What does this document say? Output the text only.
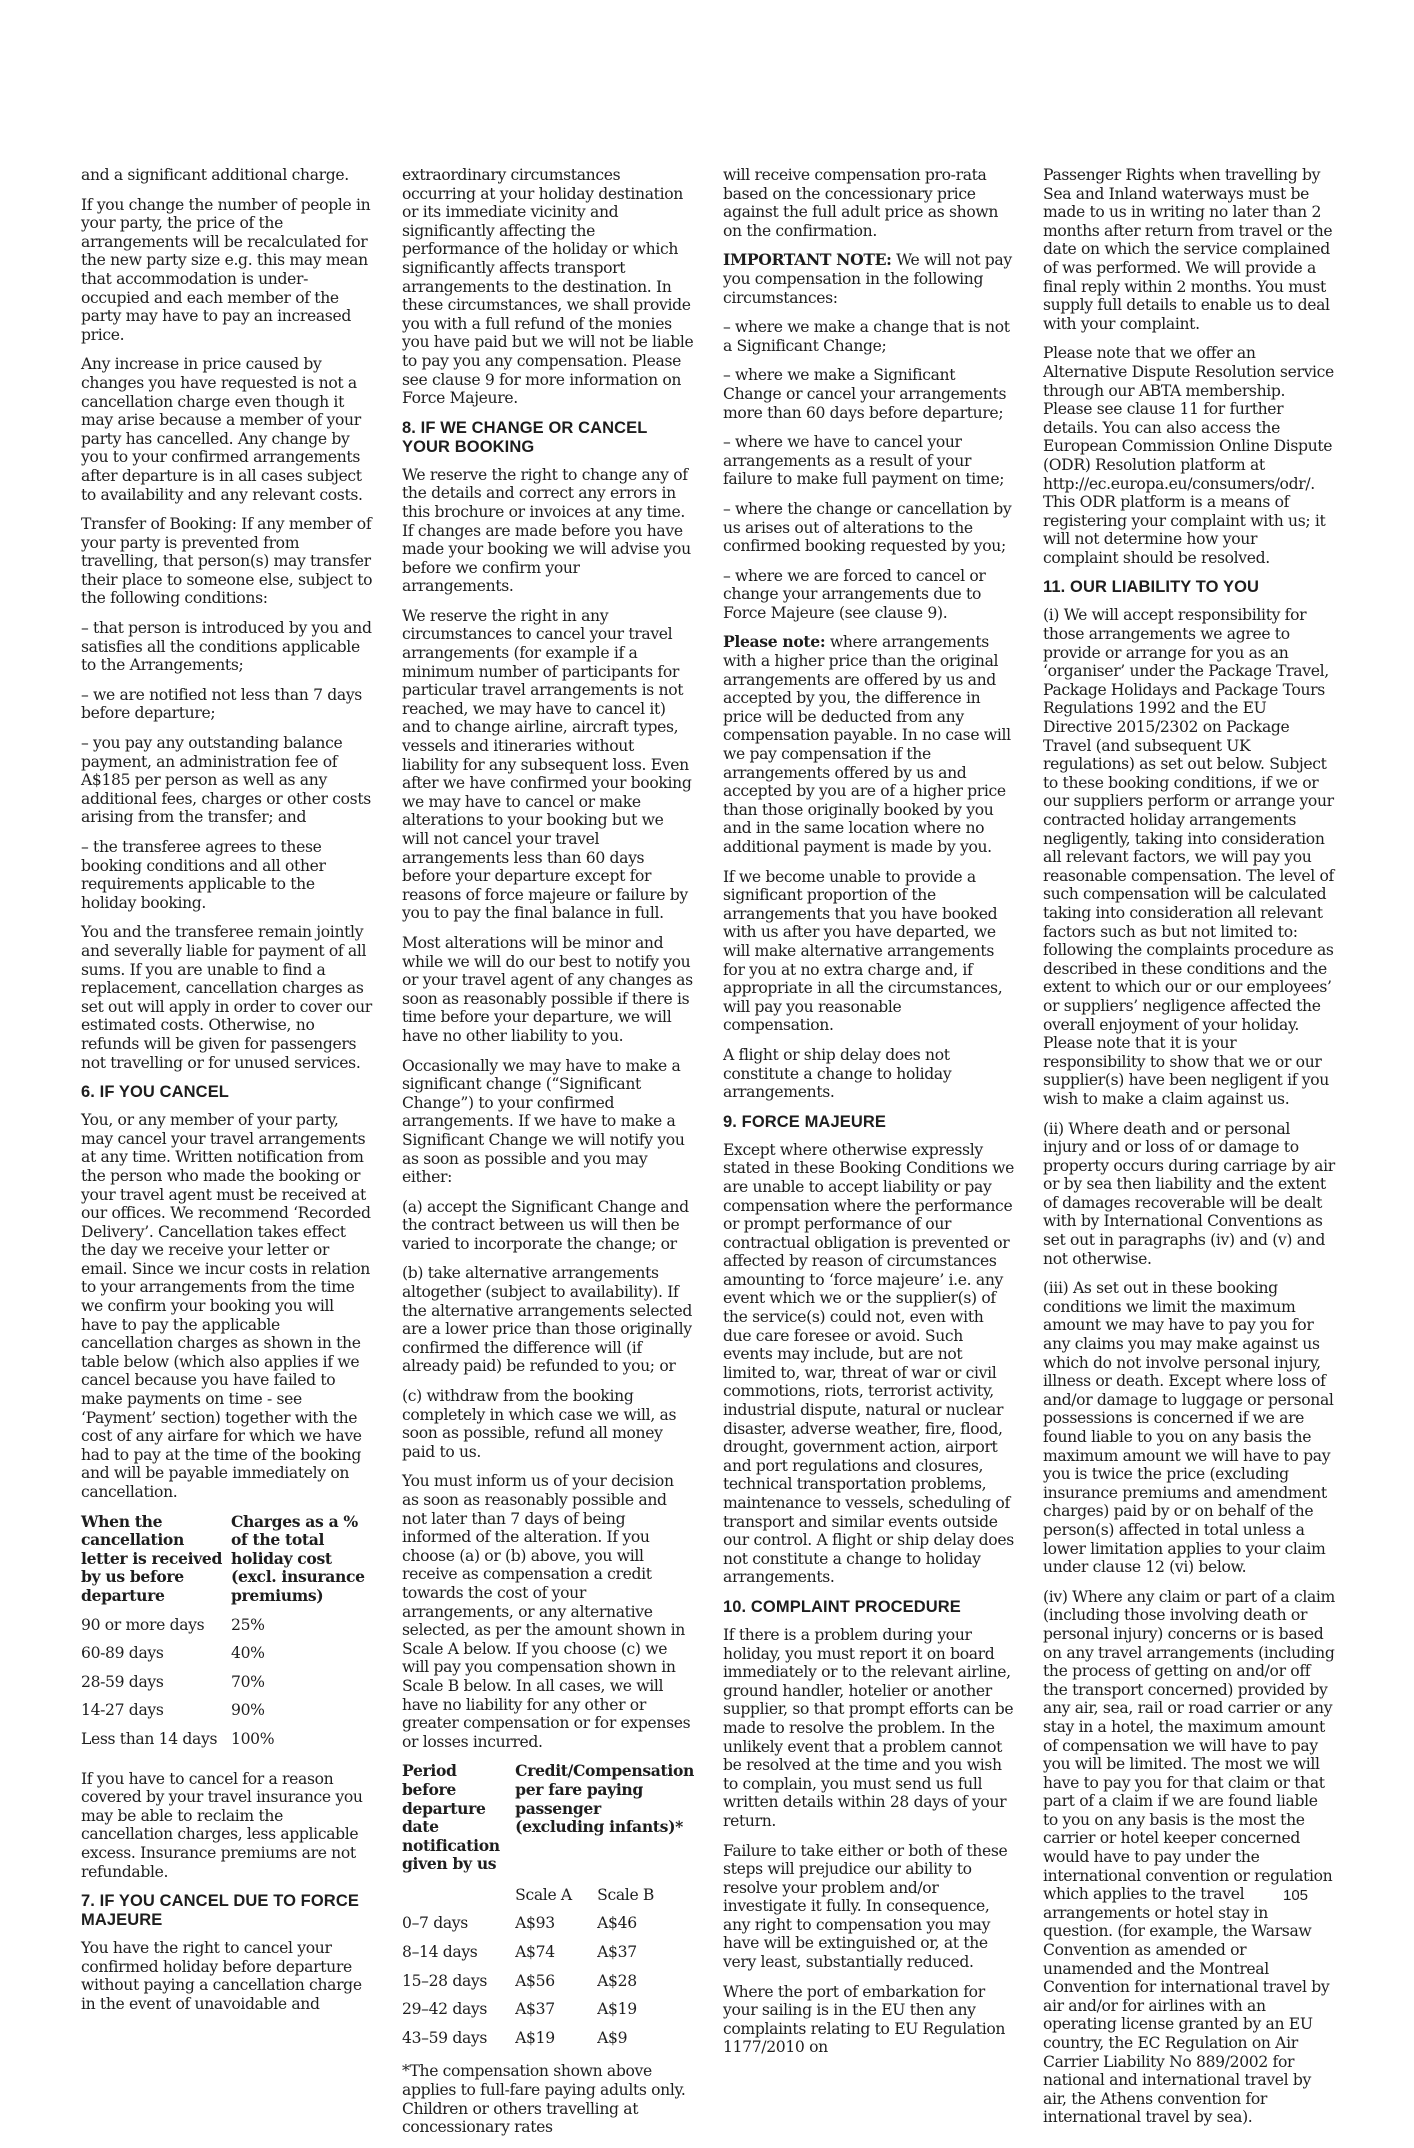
and a significant additional charge.

If you change the number of people in your party, the price of the arrangements will be recalculated for the new party size e.g. this may mean that accommodation is under-occupied and each member of the party may have to pay an increased price.

Any increase in price caused by changes you have requested is not a cancellation charge even though it may arise because a member of your party has cancelled. Any change by you to your confirmed arrangements after departure is in all cases subject to availability and any relevant costs.

Transfer of Booking: If any member of your party is prevented from travelling, that person(s) may transfer their place to someone else, subject to the following conditions:

– that person is introduced by you and satisfies all the conditions applicable to the Arrangements;

– we are notified not less than 7 days before departure;

– you pay any outstanding balance payment, an administration fee of A$185 per person as well as any additional fees, charges or other costs arising from the transfer; and

– the transferee agrees to these booking conditions and all other requirements applicable to the holiday booking.

You and the transferee remain jointly and severally liable for payment of all sums. If you are unable to find a replacement, cancellation charges as set out will apply in order to cover our estimated costs. Otherwise, no refunds will be given for passengers not travelling or for unused services.

6. IF YOU CANCEL

You, or any member of your party, may cancel your travel arrangements at any time. Written notification from the person who made the booking or your travel agent must be received at our offices. We recommend ‘Recorded Delivery’. Cancellation takes effect the day we receive your letter or email. Since we incur costs in relation to your arrangements from the time we confirm your booking you will have to pay the applicable cancellation charges as shown in the table below (which also applies if we cancel because you have failed to make payments on time - see ‘Payment’ section) together with the cost of any airfare for which we have had to pay at the time of the booking and will be payable immediately on cancellation.

When the cancellation letter is received by us before departure	Charges as a % of the total holiday cost (excl. insurance premiums)
90 or more days	25%
60-89 days	40%
28-59 days	70%
14-27 days	90%
Less than 14 days	100%

If you have to cancel for a reason covered by your travel insurance you may be able to reclaim the cancellation charges, less applicable excess. Insurance premiums are not refundable.

7. IF YOU CANCEL DUE TO FORCE MAJEURE

You have the right to cancel your confirmed holiday before departure without paying a cancellation charge in the event of unavoidable and

extraordinary circumstances occurring at your holiday destination or its immediate vicinity and significantly affecting the performance of the holiday or which significantly affects transport arrangements to the destination. In these circumstances, we shall provide you with a full refund of the monies you have paid but we will not be liable to pay you any compensation. Please see clause 9 for more information on Force Majeure.

8. IF WE CHANGE OR CANCEL YOUR BOOKING

We reserve the right to change any of the details and correct any errors in this brochure or invoices at any time. If changes are made before you have made your booking we will advise you before we confirm your arrangements.

We reserve the right in any circumstances to cancel your travel arrangements (for example if a minimum number of participants for particular travel arrangements is not reached, we may have to cancel it) and to change airline, aircraft types, vessels and itineraries without liability for any subsequent loss. Even after we have confirmed your booking we may have to cancel or make alterations to your booking but we will not cancel your travel arrangements less than 60 days before your departure except for reasons of force majeure or failure by you to pay the final balance in full.

Most alterations will be minor and while we will do our best to notify you or your travel agent of any changes as soon as reasonably possible if there is time before your departure, we will have no other liability to you.

Occasionally we may have to make a significant change (“Significant Change”) to your confirmed arrangements. If we have to make a Significant Change we will notify you as soon as possible and you may either:

(a) accept the Significant Change and the contract between us will then be varied to incorporate the change; or

(b) take alternative arrangements altogether (subject to availability). If the alternative arrangements selected are a lower price than those originally confirmed the difference will (if already paid) be refunded to you; or

(c) withdraw from the booking completely in which case we will, as soon as possible, refund all money paid to us.

You must inform us of your decision as soon as reasonably possible and not later than 7 days of being informed of the alteration. If you choose (a) or (b) above, you will receive as compensation a credit towards the cost of your arrangements, or any alternative selected, as per the amount shown in Scale A below. If you choose (c) we will pay you compensation shown in Scale B below. In all cases, we will have no liability for any other or greater compensation or for expenses or losses incurred.

Period before departure date notification given by us	Credit/Compensation per fare paying passenger (excluding infants)*	
	Scale A	Scale B
0–7 days	A$93	A$46
8–14 days	A$74	A$37
15–28 days	A$56	A$28
29–42 days	A$37	A$19
43–59 days	A$19	A$9

*The compensation shown above applies to full-fare paying adults only. Children or others travelling at concessionary rates

will receive compensation pro-rata based on the concessionary price against the full adult price as shown on the confirmation.

IMPORTANT NOTE: We will not pay you compensation in the following circumstances:

– where we make a change that is not a Significant Change;

– where we make a Significant Change or cancel your arrangements more than 60 days before departure;

– where we have to cancel your arrangements as a result of your failure to make full payment on time;

– where the change or cancellation by us arises out of alterations to the confirmed booking requested by you;

– where we are forced to cancel or change your arrangements due to Force Majeure (see clause 9).

Please note: where arrangements with a higher price than the original arrangements are offered by us and accepted by you, the difference in price will be deducted from any compensation payable. In no case will we pay compensation if the arrangements offered by us and accepted by you are of a higher price than those originally booked by you and in the same location where no additional payment is made by you.

If we become unable to provide a significant proportion of the arrangements that you have booked with us after you have departed, we will make alternative arrangements for you at no extra charge and, if appropriate in all the circumstances, will pay you reasonable compensation.

A flight or ship delay does not constitute a change to holiday arrangements.

9. FORCE MAJEURE

Except where otherwise expressly stated in these Booking Conditions we are unable to accept liability or pay compensation where the performance or prompt performance of our contractual obligation is prevented or affected by reason of circumstances amounting to ‘force majeure’ i.e. any event which we or the supplier(s) of the service(s) could not, even with due care foresee or avoid. Such events may include, but are not limited to, war, threat of war or civil commotions, riots, terrorist activity, industrial dispute, natural or nuclear disaster, adverse weather, fire, flood, drought, government action, airport and port regulations and closures, technical transportation problems, maintenance to vessels, scheduling of transport and similar events outside our control. A flight or ship delay does not constitute a change to holiday arrangements.

10. COMPLAINT PROCEDURE

If there is a problem during your holiday, you must report it on board immediately or to the relevant airline, ground handler, hotelier or another supplier, so that prompt efforts can be made to resolve the problem. In the unlikely event that a problem cannot be resolved at the time and you wish to complain, you must send us full written details within 28 days of your return.

Failure to take either or both of these steps will prejudice our ability to resolve your problem and/or investigate it fully. In consequence, any right to compensation you may have will be extinguished or, at the very least, substantially reduced.

Where the port of embarkation for your sailing is in the EU then any complaints relating to EU Regulation 1177/2010 on

Passenger Rights when travelling by Sea and Inland waterways must be made to us in writing no later than 2 months after return from travel or the date on which the service complained of was performed. We will provide a final reply within 2 months. You must supply full details to enable us to deal with your complaint.

Please note that we offer an Alternative Dispute Resolution service through our ABTA membership. Please see clause 11 for further details. You can also access the European Commission Online Dispute (ODR) Resolution platform at http://ec.europa.eu/consumers/odr/. This ODR platform is a means of registering your complaint with us; it will not determine how your complaint should be resolved.

11. OUR LIABILITY TO YOU

(i) We will accept responsibility for those arrangements we agree to provide or arrange for you as an ‘organiser’ under the Package Travel, Package Holidays and Package Tours Regulations 1992 and the EU Directive 2015/2302 on Package Travel (and subsequent UK regulations) as set out below. Subject to these booking conditions, if we or our suppliers perform or arrange your contracted holiday arrangements negligently, taking into consideration all relevant factors, we will pay you reasonable compensation. The level of such compensation will be calculated taking into consideration all relevant factors such as but not limited to: following the complaints procedure as described in these conditions and the extent to which our or our employees’ or suppliers’ negligence affected the overall enjoyment of your holiday. Please note that it is your responsibility to show that we or our supplier(s) have been negligent if you wish to make a claim against us.

(ii) Where death and or personal injury and or loss of or damage to property occurs during carriage by air or by sea then liability and the extent of damages recoverable will be dealt with by International Conventions as set out in paragraphs (iv) and (v) and not otherwise.

(iii) As set out in these booking conditions we limit the maximum amount we may have to pay you for any claims you may make against us which do not involve personal injury, illness or death. Except where loss of and/or damage to luggage or personal possessions is concerned if we are found liable to you on any basis the maximum amount we will have to pay you is twice the price (excluding insurance premiums and amendment charges) paid by or on behalf of the person(s) affected in total unless a lower limitation applies to your claim under clause 12 (vi) below.

(iv) Where any claim or part of a claim (including those involving death or personal injury) concerns or is based on any travel arrangements (including the process of getting on and/or off the transport concerned) provided by any air, sea, rail or road carrier or any stay in a hotel, the maximum amount of compensation we will have to pay you will be limited. The most we will have to pay you for that claim or that part of a claim if we are found liable to you on any basis is the most the carrier or hotel keeper concerned would have to pay under the international convention or regulation which applies to the travel arrangements or hotel stay in question. (for example, the Warsaw Convention as amended or unamended and the Montreal Convention for international travel by air and/or for airlines with an operating license granted by an EU country, the EC Regulation on Air Carrier Liability No 889/2002 for national and international travel by air, the Athens convention for international travel by sea).

105
